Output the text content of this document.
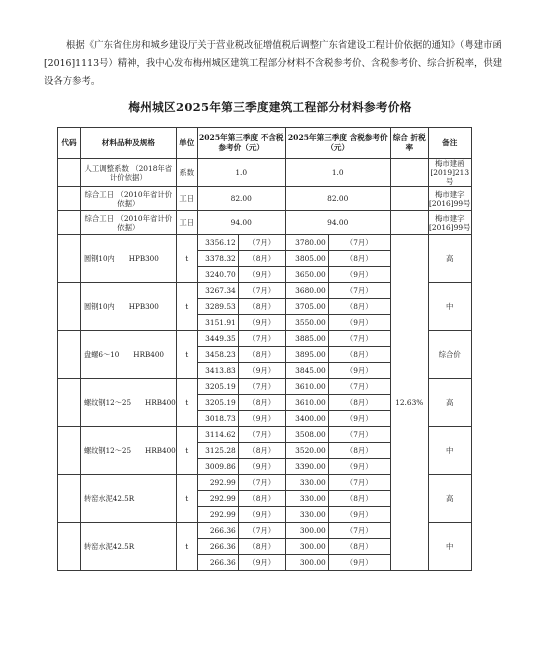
根据《广东省住房和城乡建设厅关于营业税改征增值税后调整广东省建设工程计价依据的通知》（粤建市函[2016]1113号）精神，我中心发布梅州城区建筑工程部分材料不含税参考价、含税参考价、综合折税率，供建设各方参考。
梅州城区2025年第三季度建筑工程部分材料参考价格
代码	材料品种及规格	单位	2025年第三季度 不含税参考价（元）		2025年第三季度 含税参考价（元）		综合 折税率	备注
	人工调整系数 （2018年省计价依据）	系数	1.0		1.0			梅市建函 [2019]213号
	综合工日 （2010年省计价依据）	工日	82.00		82.00			梅市建字 [2016]99号
	综合工日 （2010年省计价依据）	工日	94.00		94.00			梅市建字 [2016]99号
	圆钢10内 HPB300	t	3356.12	（7月）	3780.00	（7月）	12.63%	高
			3378.32	（8月）	3805.00	（8月）		
			3240.70	（9月）	3650.00	（9月）		
	圆钢10内 HPB300	t	3267.34	（7月）	3680.00	（7月）		中
			3289.53	（8月）	3705.00	（8月）		
			3151.91	（9月）	3550.00	（9月）		
	盘螺6～10 HRB400	t	3449.35	（7月）	3885.00	（7月）		综合价
			3458.23	（8月）	3895.00	（8月）		
			3413.83	（9月）	3845.00	（9月）		
	螺纹钢12～25 HRB400	t	3205.19	（7月）	3610.00	（7月）		高
			3205.19	（8月）	3610.00	（8月）		
			3018.73	（9月）	3400.00	（9月）		
	螺纹钢12～25 HRB400	t	3114.62	（7月）	3508.00	（7月）		中
			3125.28	（8月）	3520.00	（8月）		
			3009.86	（9月）	3390.00	（9月）		
	转窑水泥42.5R	t	292.99	（7月）	330.00	（7月）		高
			292.99	（8月）	330.00	（8月）		
			292.99	（9月）	330.00	（9月）		
	转窑水泥42.5R	t	266.36	（7月）	300.00	（7月）		中
			266.36	（8月）	300.00	（8月）		
			266.36	（9月）	300.00	（9月）		
